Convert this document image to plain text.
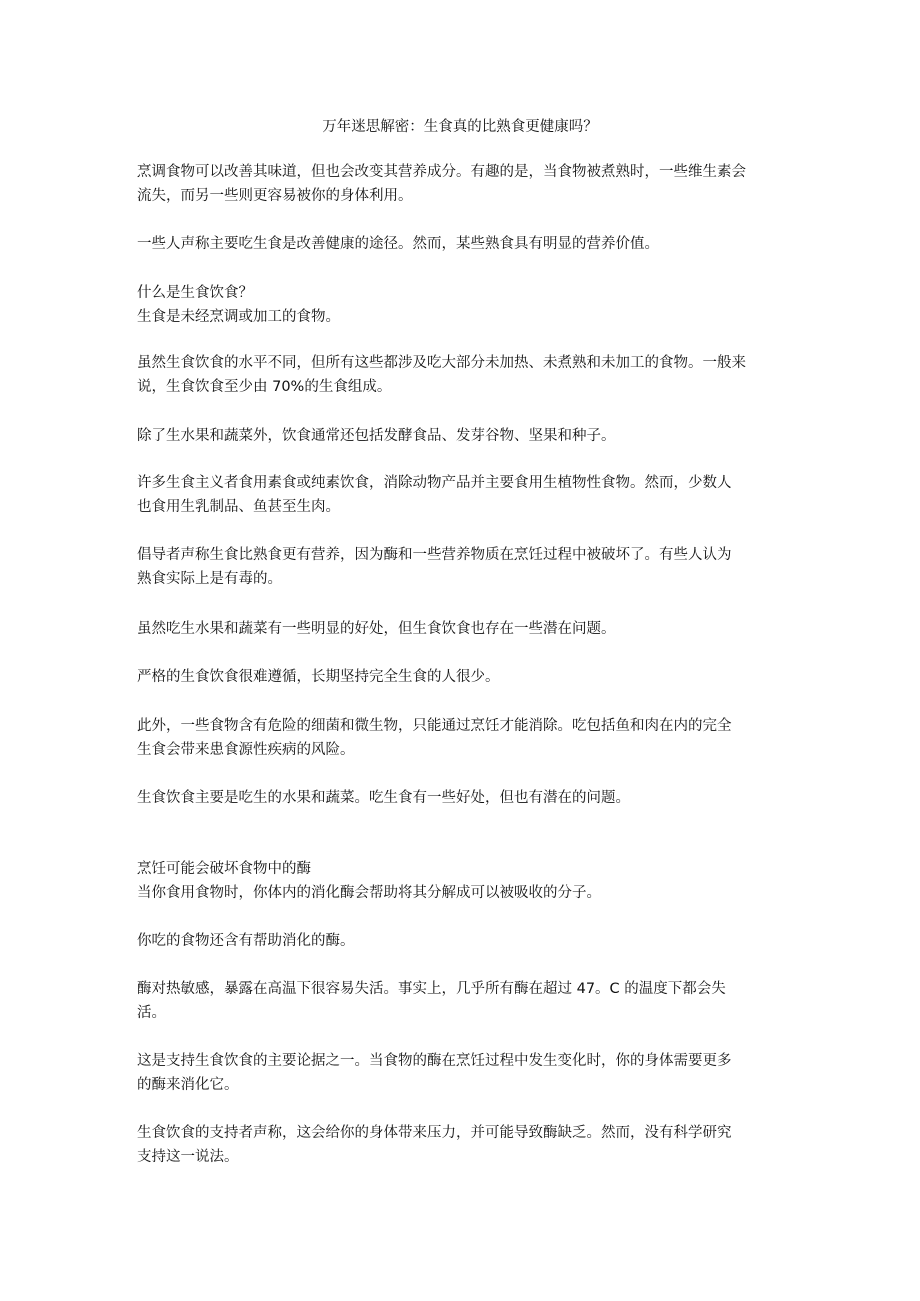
万年迷思解密：生食真的比熟食更健康吗？

烹调食物可以改善其味道，但也会改变其营养成分。有趣的是，当食物被煮熟时，一些维生素会
流失，而另一些则更容易被你的身体利用。

一些人声称主要吃生食是改善健康的途径。然而，某些熟食具有明显的营养价值。

什么是生食饮食？
生食是未经烹调或加工的食物。

虽然生食饮食的水平不同，但所有这些都涉及吃大部分未加热、未煮熟和未加工的食物。一般来
说，生食饮食至少由 70%的生食组成。

除了生水果和蔬菜外，饮食通常还包括发酵食品、发芽谷物、坚果和种子。

许多生食主义者食用素食或纯素饮食，消除动物产品并主要食用生植物性食物。然而，少数人
也食用生乳制品、鱼甚至生肉。

倡导者声称生食比熟食更有营养，因为酶和一些营养物质在烹饪过程中被破坏了。有些人认为
熟食实际上是有毒的。

虽然吃生水果和蔬菜有一些明显的好处，但生食饮食也存在一些潜在问题。

严格的生食饮食很难遵循，长期坚持完全生食的人很少。

此外，一些食物含有危险的细菌和微生物，只能通过烹饪才能消除。吃包括鱼和肉在内的完全
生食会带来患食源性疾病的风险。

生食饮食主要是吃生的水果和蔬菜。吃生食有一些好处，但也有潜在的问题。

烹饪可能会破坏食物中的酶
当你食用食物时，你体内的消化酶会帮助将其分解成可以被吸收的分子。

你吃的食物还含有帮助消化的酶。

酶对热敏感，暴露在高温下很容易失活。事实上，几乎所有酶在超过 47。C 的温度下都会失
活。

这是支持生食饮食的主要论据之一。当食物的酶在烹饪过程中发生变化时，你的身体需要更多
的酶来消化它。

生食饮食的支持者声称，这会给你的身体带来压力，并可能导致酶缺乏。然而，没有科学研究
支持这一说法。
